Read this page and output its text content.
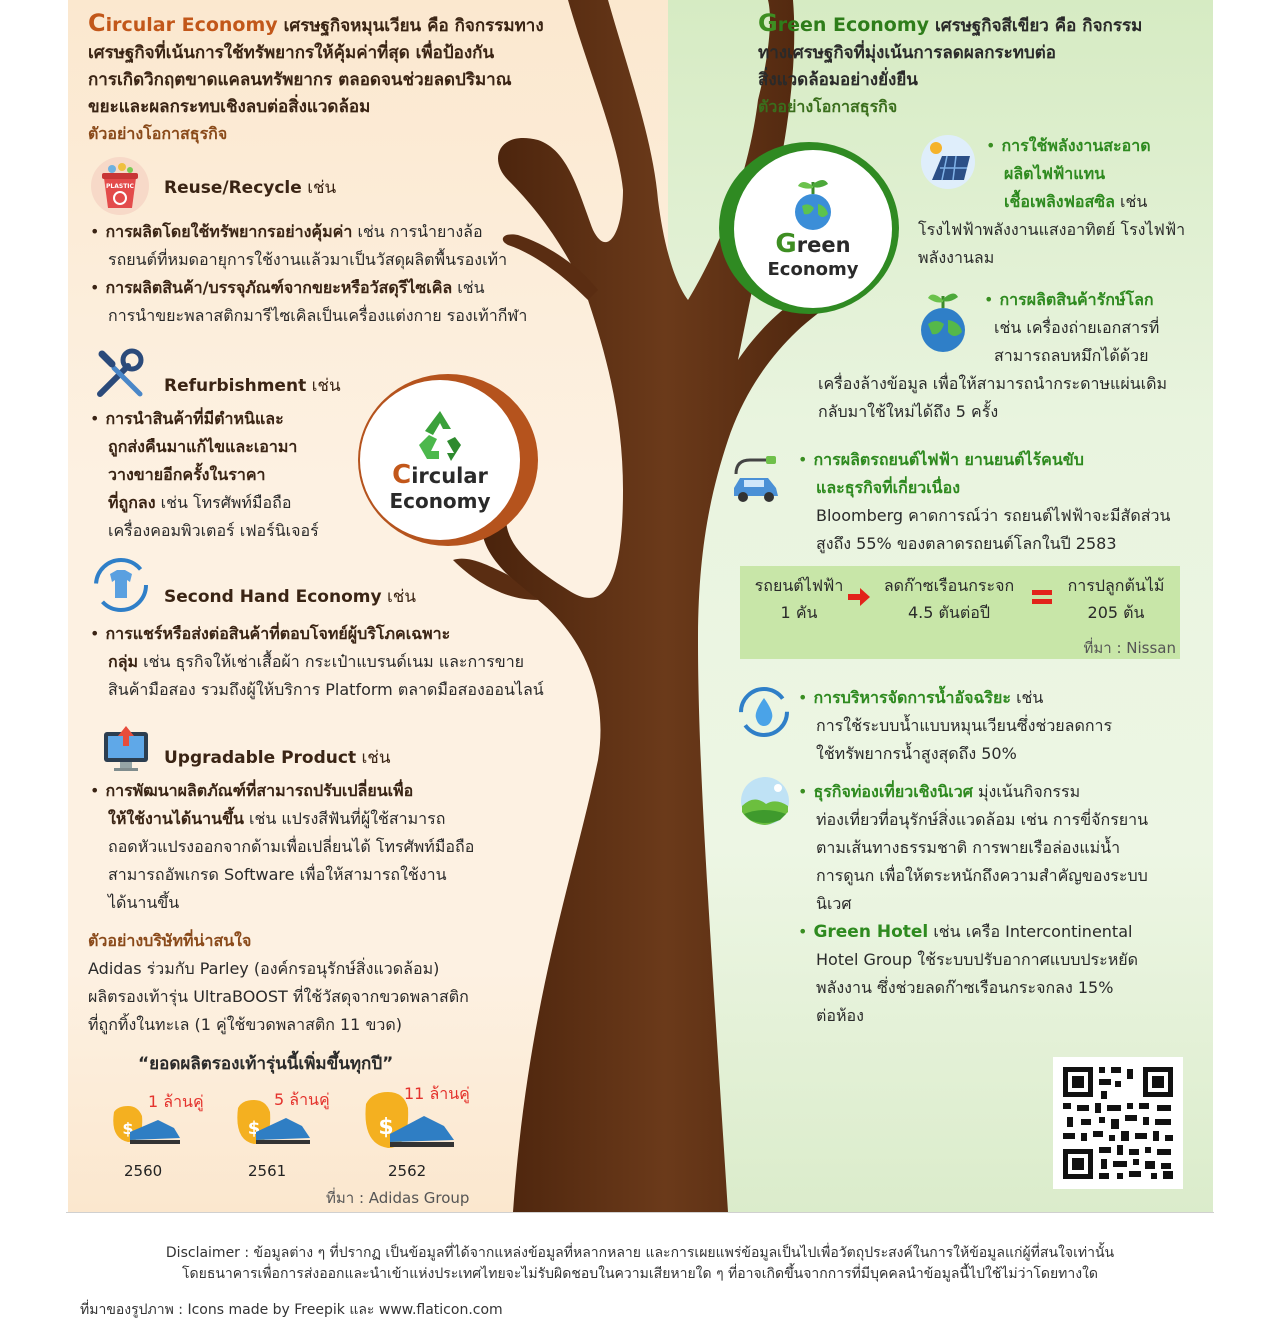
Circular Economy เศรษฐกิจหมุนเวียน คือ กิจกรรมทาง
เศรษฐกิจที่เน้นการใช้ทรัพยากรให้คุ้มค่าที่สุด เพื่อป้องกัน
การเกิดวิกฤตขาดแคลนทรัพยากร ตลอดจนช่วยลดปริมาณ
ขยะและผลกระทบเชิงลบต่อสิ่งแวดล้อม
ตัวอย่างโอกาสธุรกิจ
PLASTIC Reuse/Recycle เช่น
• การผลิตโดยใช้ทรัพยากรอย่างคุ้มค่า เช่น การนำยางล้อ
รถยนต์ที่หมดอายุการใช้งานแล้วมาเป็นวัสดุผลิตพื้นรองเท้า
• การผลิตสินค้า/บรรจุภัณฑ์จากขยะหรือวัสดุรีไซเคิล เช่น
การนำขยะพลาสติกมารีไซเคิลเป็นเครื่องแต่งกาย รองเท้ากีฬา
Refurbishment เช่น
• การนำสินค้าที่มีตำหนิและ
ถูกส่งคืนมาแก้ไขและเอามา
วางขายอีกครั้งในราคา
ที่ถูกลง เช่น โทรศัพท์มือถือ
เครื่องคอมพิวเตอร์ เฟอร์นิเจอร์
Circular
Economy
Second Hand Economy เช่น
• การแชร์หรือส่งต่อสินค้าที่ตอบโจทย์ผู้บริโภคเฉพาะ
กลุ่ม เช่น ธุรกิจให้เช่าเสื้อผ้า กระเป๋าแบรนด์เนม และการขาย
สินค้ามือสอง รวมถึงผู้ให้บริการ Platform ตลาดมือสองออนไลน์
Upgradable Product เช่น
• การพัฒนาผลิตภัณฑ์ที่สามารถปรับเปลี่ยนเพื่อ
ให้ใช้งานได้นานขึ้น เช่น แปรงสีฟันที่ผู้ใช้สามารถ
ถอดหัวแปรงออกจากด้ามเพื่อเปลี่ยนได้ โทรศัพท์มือถือ
สามารถอัพเกรด Software เพื่อให้สามารถใช้งาน
ได้นานขึ้น
ตัวอย่างบริษัทที่น่าสนใจ
Adidas ร่วมกับ Parley (องค์กรอนุรักษ์สิ่งแวดล้อม)
ผลิตรองเท้ารุ่น UltraBOOST ที่ใช้วัสดุจากขวดพลาสติก
ที่ถูกทิ้งในทะเล (1 คู่ใช้ขวดพลาสติก 11 ขวด)
“ยอดผลิตรองเท้ารุ่นนี้เพิ่มขึ้นทุกปี”
$
1 ล้านคู่
2560
$
5 ล้านคู่
2561
$
11 ล้านคู่
2562
ที่มา : Adidas Group
Green Economy เศรษฐกิจสีเขียว คือ กิจกรรม
ทางเศรษฐกิจที่มุ่งเน้นการลดผลกระทบต่อ
สิ่งแวดล้อมอย่างยั่งยืน
ตัวอย่างโอกาสธุรกิจ
Green
Economy
• การใช้พลังงานสะอาด
ผลิตไฟฟ้าแทน
เชื้อเพลิงฟอสซิล เช่น
โรงไฟฟ้าพลังงานแสงอาทิตย์ โรงไฟฟ้า
พลังงานลม
• การผลิตสินค้ารักษ์โลก
เช่น เครื่องถ่ายเอกสารที่
สามารถลบหมึกได้ด้วย
เครื่องล้างข้อมูล เพื่อให้สามารถนำกระดาษแผ่นเดิม
กลับมาใช้ใหม่ได้ถึง 5 ครั้ง
• การผลิตรถยนต์ไฟฟ้า ยานยนต์ไร้คนขับ
และธุรกิจที่เกี่ยวเนื่อง
Bloomberg คาดการณ์ว่า รถยนต์ไฟฟ้าจะมีสัดส่วน
สูงถึง 55% ของตลาดรถยนต์โลกในปี 2583
รถยนต์ไฟฟ้า
1 คัน
ลดก๊าซเรือนกระจก
4.5 ตันต่อปี
การปลูกต้นไม้
205 ต้น
ที่มา : Nissan
• การบริหารจัดการน้ำอัจฉริยะ เช่น
การใช้ระบบน้ำแบบหมุนเวียนซึ่งช่วยลดการ
ใช้ทรัพยากรน้ำสูงสุดถึง 50%
• ธุรกิจท่องเที่ยวเชิงนิเวศ มุ่งเน้นกิจกรรม
ท่องเที่ยวที่อนุรักษ์สิ่งแวดล้อม เช่น การขี่จักรยาน
ตามเส้นทางธรรมชาติ การพายเรือล่องแม่น้ำ
การดูนก เพื่อให้ตระหนักถึงความสำคัญของระบบ
นิเวศ
• Green Hotel เช่น เครือ Intercontinental
Hotel Group ใช้ระบบปรับอากาศแบบประหยัด
พลังงาน ซึ่งช่วยลดก๊าซเรือนกระจกลง 15%
ต่อห้อง
Disclaimer : ข้อมูลต่าง ๆ ที่ปรากฏ เป็นข้อมูลที่ได้จากแหล่งข้อมูลที่หลากหลาย และการเผยแพร่ข้อมูลเป็นไปเพื่อวัตถุประสงค์ในการให้ข้อมูลแก่ผู้ที่สนใจเท่านั้น
โดยธนาคารเพื่อการส่งออกและนำเข้าแห่งประเทศไทยจะไม่รับผิดชอบในความเสียหายใด ๆ ที่อาจเกิดขึ้นจากการที่มีบุคคลนำข้อมูลนี้ไปใช้ไม่ว่าโดยทางใด
ที่มาของรูปภาพ : Icons made by Freepik และ www.flaticon.com
